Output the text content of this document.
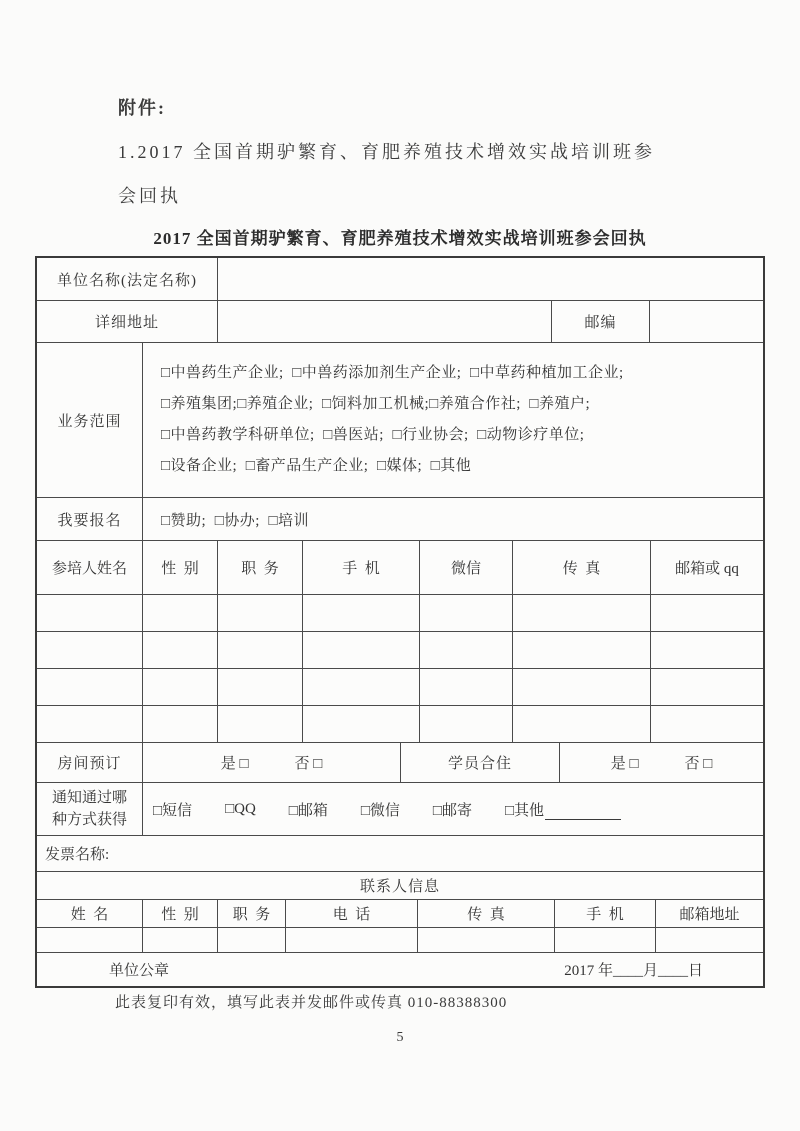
附件:
1.2017 全国首期驴繁育、育肥养殖技术增效实战培训班参
会回执
2017 全国首期驴繁育、育肥养殖技术增效实战培训班参会回执
单位名称(法定名称)
详细地址	邮编
业务范围
□中兽药生产企业;  □中兽药添加剂生产企业;  □中草药种植加工企业;
□养殖集团;□养殖企业;  □饲料加工机械;□养殖合作社;  □养殖户;
□中兽药教学科研单位;  □兽医站;  □行业协会;  □动物诊疗单位;
□设备企业;  □畜产品生产企业;  □媒体;  □其他
我要报名	□赞助;  □协办;  □培训
参培人姓名	性  别	职  务	手  机	微信	传  真	邮箱或 qq
房间预订	是 □	否 □	学员合住	是 □	否 □
通知通过哪
种方式获得
□短信 □QQ □邮箱 □微信 □邮寄 □其他
发票名称:
联系人信息
姓  名	性  别	职  务	电  话	传  真	手  机	邮箱地址
单位公章	2017 年____月____日
此表复印有效，填写此表并发邮件或传真 010-88388300
5
